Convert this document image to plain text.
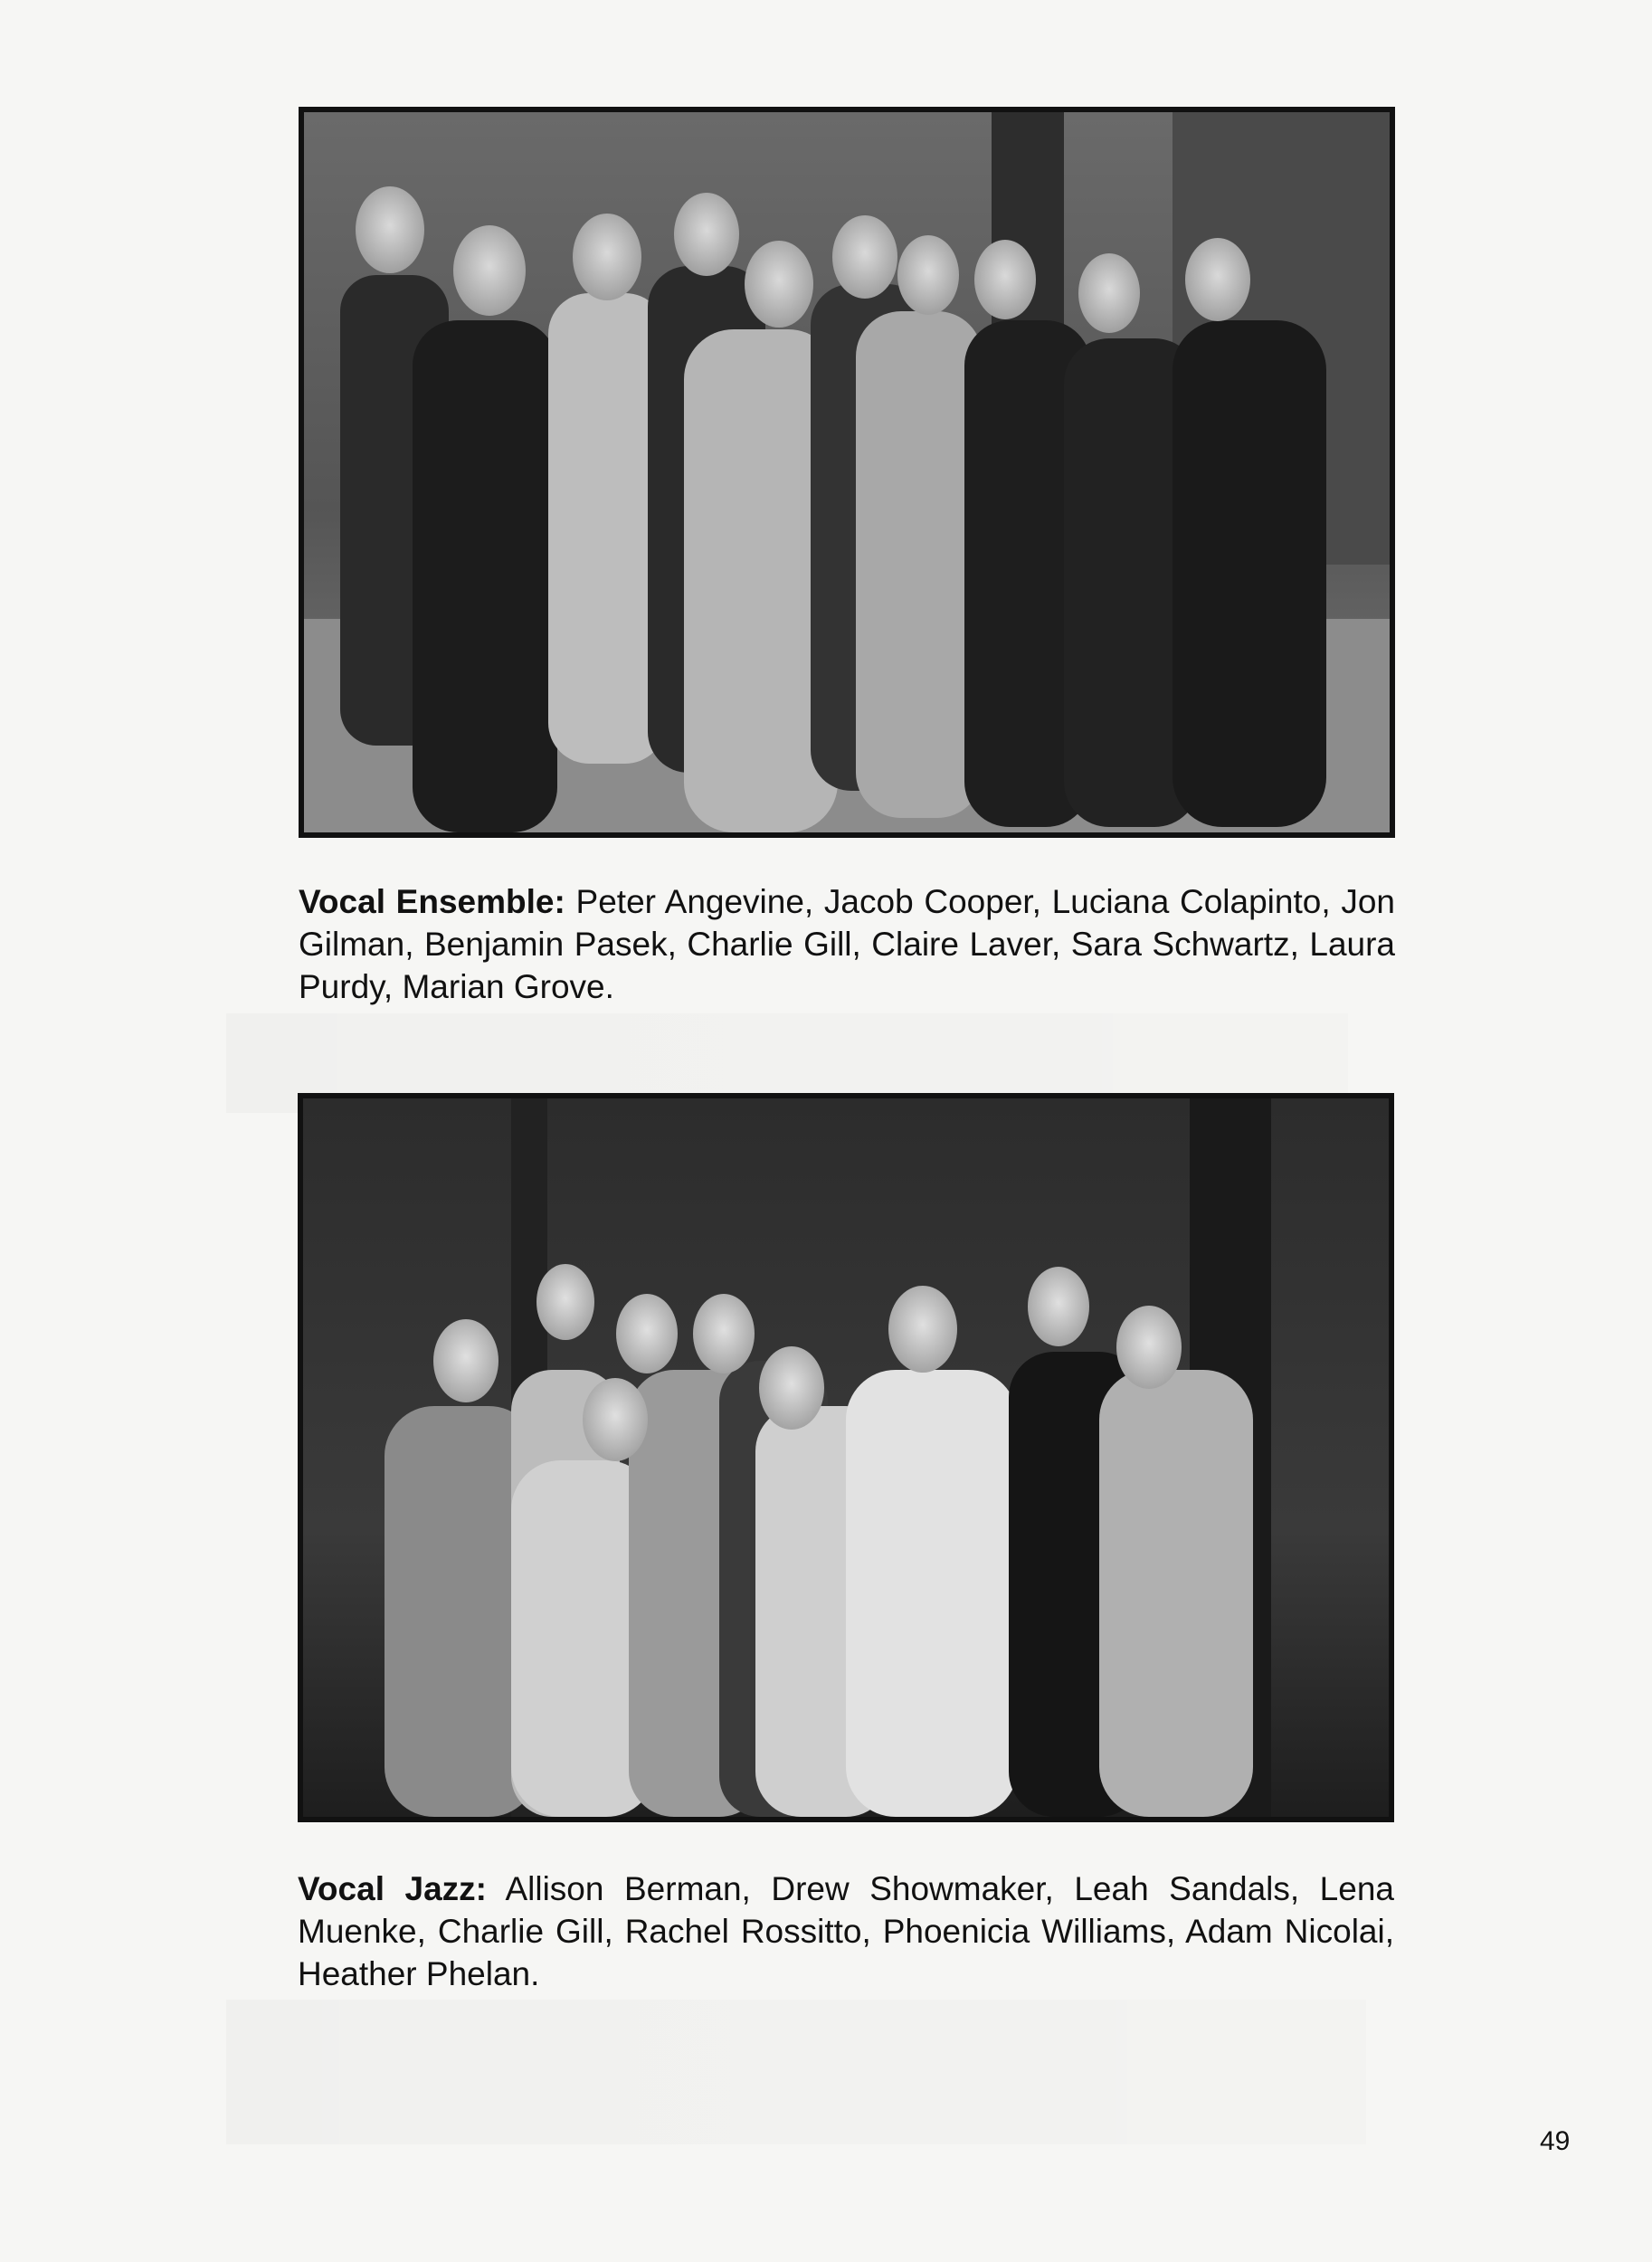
Vocal Ensemble: Peter Angevine, Jacob Cooper, Luciana Colapinto, Jon Gilman, Benjamin Pasek, Charlie Gill, Claire Laver, Sara Schwartz, Laura Purdy, Marian Grove.
Vocal Jazz: Allison Berman, Drew Showmaker, Leah Sandals, Lena Muenke, Charlie Gill, Rachel Rossitto, Phoenicia Williams, Adam Nicolai, Heather Phelan.
49
